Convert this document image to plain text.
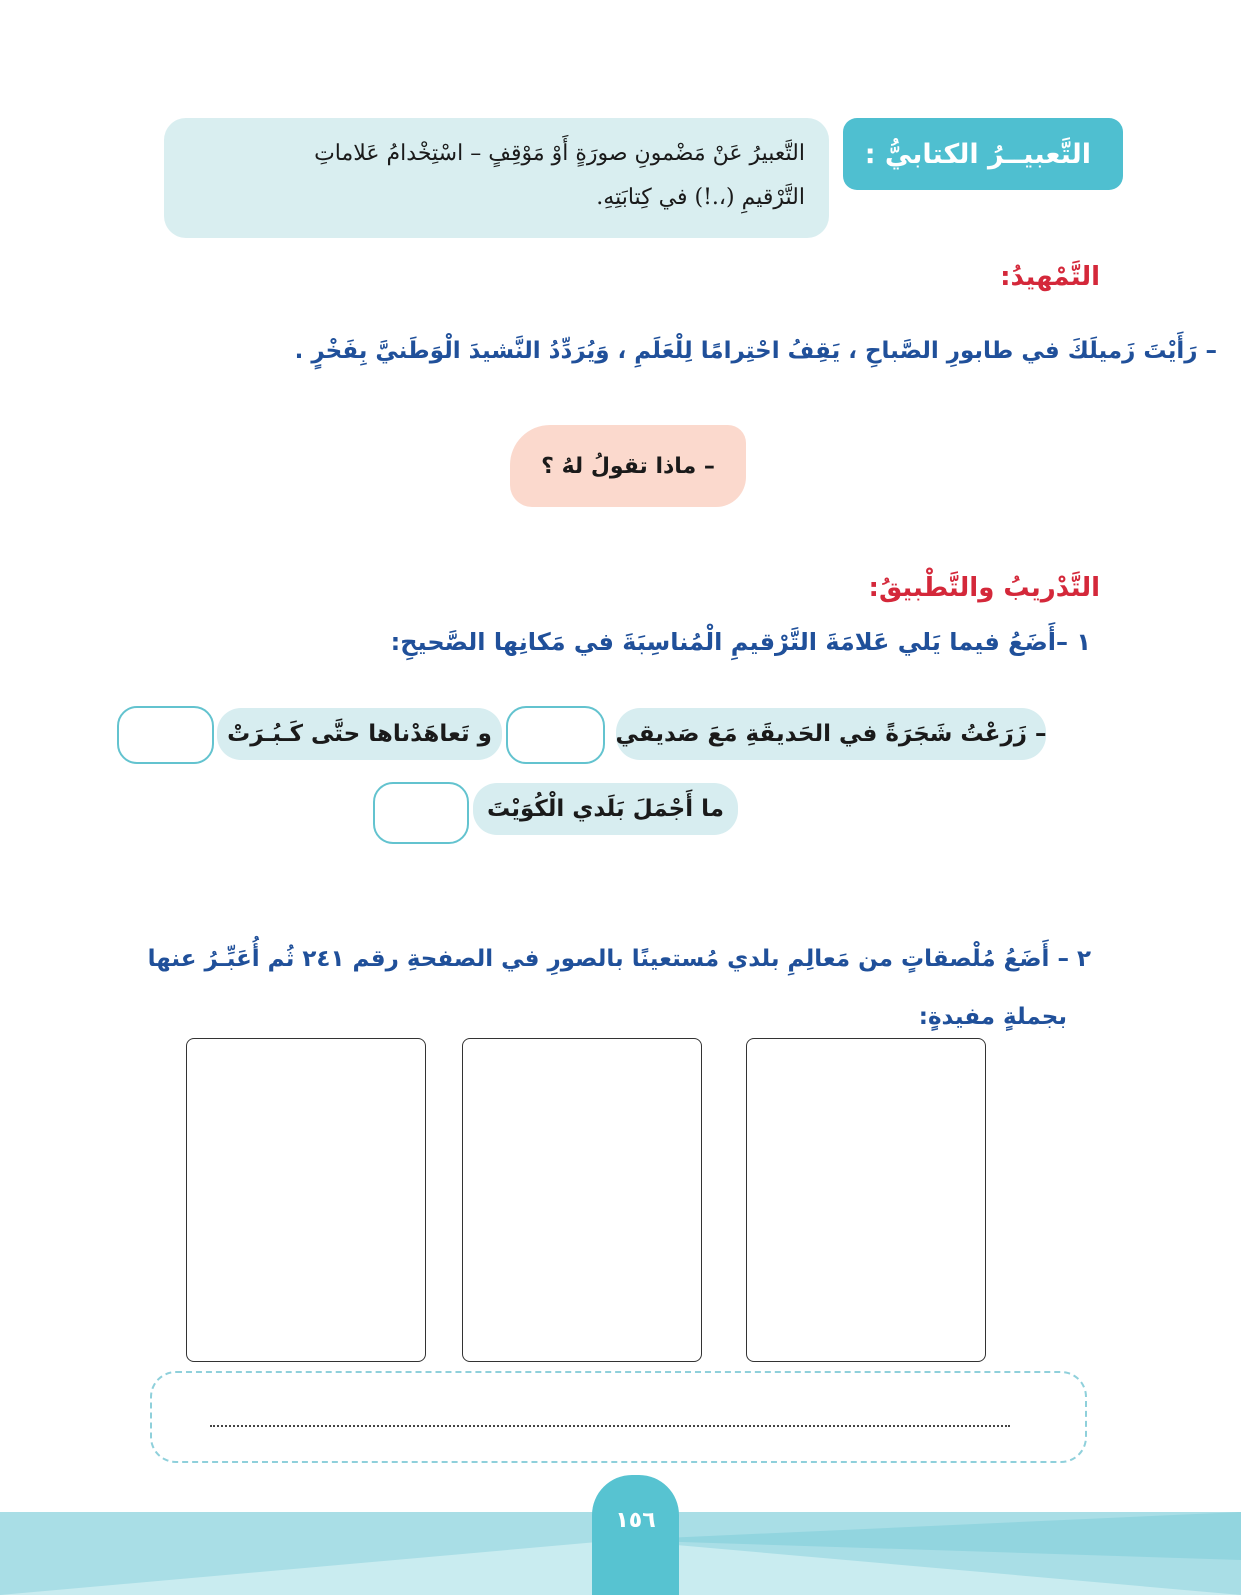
التَّعبيــرُ الكتابيُّ :
التَّعبيرُ عَنْ مَضْمونِ صورَةٍ أَوْ مَوْقِفٍ – اسْتِخْدامُ عَلاماتِ
التَّرْقيمِ (،.!) في كِتابَتِهِ.
التَّمْهيدُ:
– رَأَيْتَ زَميلَكَ في طابورِ الصَّباحِ ، يَقِفُ احْتِرامًا لِلْعَلَمِ ، وَيُرَدِّدُ النَّشيدَ الْوَطَنيَّ بِفَخْرٍ .
– ماذا تقولُ لهُ ؟
التَّدْريبُ والتَّطْبيقُ:
١ –أَضَعُ فيما يَلي عَلامَةَ التَّرْقيمِ الْمُناسِبَةَ في مَكانِها الصَّحيحِ:
– زَرَعْتُ شَجَرَةً في الحَديقَةِ مَعَ صَديقي
و تَعاهَدْناها حتَّى كَـبُـرَتْ
ما أَجْمَلَ بَلَدي الْكُوَيْتَ
٢ – أَضَعُ مُلْصقاتٍ من مَعالِمِ بلدي مُستعينًا بالصورِ في الصفحةِ رقم ٢٤١ ثُم أُعَبِّـرُ عنها
بجملةٍ مفيدةٍ:
١٥٦
